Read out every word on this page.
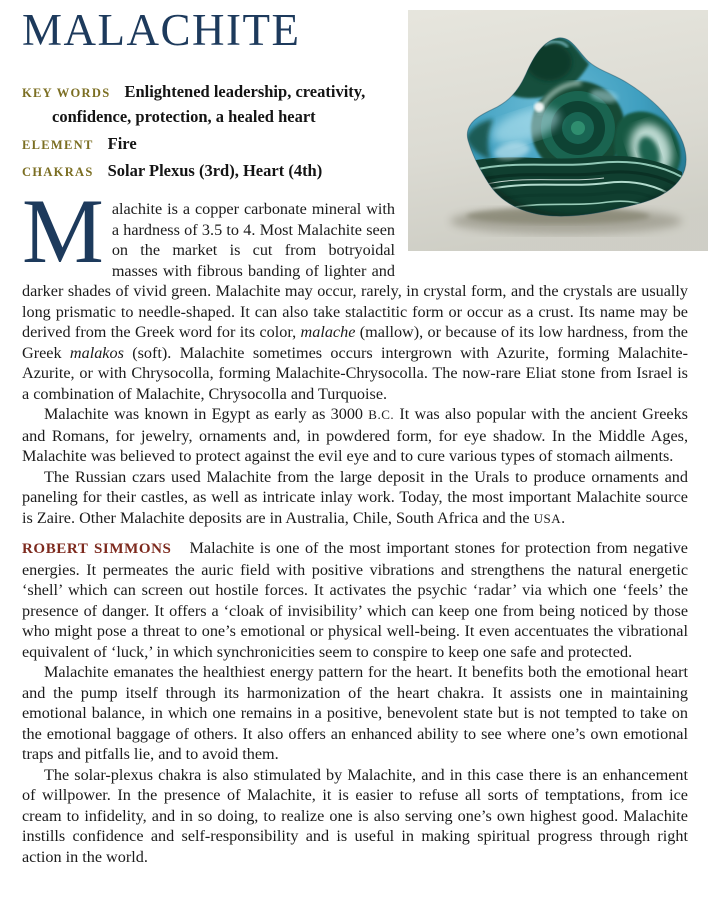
MALACHITE
KEY WORDS Enlightened leadership, creativity, confidence, protection, a healed heart
ELEMENT Fire
CHAKRAS Solar Plexus (3rd), Heart (4th)

Malachite is a copper carbonate mineral with a hardness of 3.5 to 4. Most Malachite seen on the market is cut from botryoidal masses with fibrous banding of lighter and darker shades of vivid green. Malachite may occur, rarely, in crystal form, and the crystals are usually long prismatic to needle-shaped. It can also take stalactitic form or occur as a crust. Its name may be derived from the Greek word for its color, malache (mallow), or because of its low hardness, from the Greek malakos (soft). Malachite sometimes occurs intergrown with Azurite, forming Malachite-Azurite, or with Chrysocolla, forming Malachite-Chrysocolla. The now-rare Eliat stone from Israel is a combination of Malachite, Chrysocolla and Turquoise.

Malachite was known in Egypt as early as 3000 B.C. It was also popular with the ancient Greeks and Romans, for jewelry, ornaments and, in powdered form, for eye shadow. In the Middle Ages, Malachite was believed to protect against the evil eye and to cure various types of stomach ailments.

The Russian czars used Malachite from the large deposit in the Urals to produce ornaments and paneling for their castles, as well as intricate inlay work. Today, the most important Malachite source is Zaire. Other Malachite deposits are in Australia, Chile, South Africa and the USA.

ROBERT SIMMONS Malachite is one of the most important stones for protection from negative energies. It permeates the auric field with positive vibrations and strengthens the natural energetic ‘shell’ which can screen out hostile forces. It activates the psychic ‘radar’ via which one ‘feels’ the presence of danger. It offers a ‘cloak of invisibility’ which can keep one from being noticed by those who might pose a threat to one’s emotional or physical well-being. It even accentuates the vibrational equivalent of ‘luck,’ in which synchronicities seem to conspire to keep one safe and protected.

Malachite emanates the healthiest energy pattern for the heart. It benefits both the emotional heart and the pump itself through its harmonization of the heart chakra. It assists one in maintaining emotional balance, in which one remains in a positive, benevolent state but is not tempted to take on the emotional baggage of others. It also offers an enhanced ability to see where one’s own emotional traps and pitfalls lie, and to avoid them.

The solar-plexus chakra is also stimulated by Malachite, and in this case there is an enhancement of willpower. In the presence of Malachite, it is easier to refuse all sorts of temptations, from ice cream to infidelity, and in so doing, to realize one is also serving one’s own highest good. Malachite instills confidence and self-responsibility and is useful in making spiritual progress through right action in the world.
